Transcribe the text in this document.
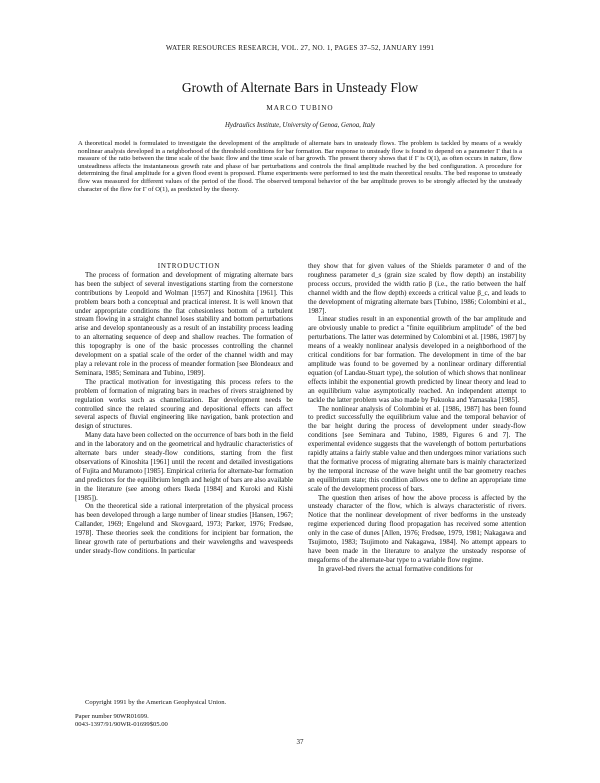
WATER RESOURCES RESEARCH, VOL. 27, NO. 1, PAGES 37–52, JANUARY 1991
Growth of Alternate Bars in Unsteady Flow
MARCO TUBINO
Hydraulics Institute, University of Genoa, Genoa, Italy

A theoretical model is formulated to investigate the development of the amplitude of alternate bars in unsteady flows. The problem is tackled by means of a weakly nonlinear analysis developed in a neighborhood of the threshold conditions for bar formation. Bar response to unsteady flow is found to depend on a parameter Γ that is a measure of the ratio between the time scale of the basic flow and the time scale of bar growth. The present theory shows that if Γ is O(1), as often occurs in nature, flow unsteadiness affects the instantaneous growth rate and phase of bar perturbations and controls the final amplitude reached by the bed configuration. A procedure for determining the final amplitude for a given flood event is proposed. Flume experiments were performed to test the main theoretical results. The bed response to unsteady flow was measured for different values of the period of the flood. The observed temporal behavior of the bar amplitude proves to be strongly affected by the unsteady character of the flow for Γ of O(1), as predicted by the theory.

INTRODUCTION

The process of formation and development of migrating alternate bars has been the subject of several investigations starting from the cornerstone contributions by Leopold and Wolman [1957] and Kinoshita [1961]. This problem bears both a conceptual and practical interest. It is well known that under appropriate conditions the flat cohesionless bottom of a turbulent stream flowing in a straight channel loses stability and bottom perturbations arise and develop spontaneously as a result of an instability process leading to an alternating sequence of deep and shallow reaches. The formation of this topography is one of the basic processes controlling the channel development on a spatial scale of the order of the channel width and may play a relevant role in the process of meander formation [see Blondeaux and Seminara, 1985; Seminara and Tubino, 1989].

The practical motivation for investigating this process refers to the problem of formation of migrating bars in reaches of rivers straightened by regulation works such as channelization. Bar development needs be controlled since the related scouring and depositional effects can affect several aspects of fluvial engineering like navigation, bank protection and design of structures.

Many data have been collected on the occurrence of bars both in the field and in the laboratory and on the geometrical and hydraulic characteristics of alternate bars under steady-flow conditions, starting from the first observations of Kinoshita [1961] until the recent and detailed investigations of Fujita and Muramoto [1985]. Empirical criteria for alternate-bar formation and predictors for the equilibrium length and height of bars are also available in the literature (see among others Ikeda [1984] and Kuroki and Kishi [1985]).

On the theoretical side a rational interpretation of the physical process has been developed through a large number of linear studies [Hansen, 1967; Callander, 1969; Engelund and Skovgaard, 1973; Parker, 1976; Fredsøe, 1978]. These theories seek the conditions for incipient bar formation, the linear growth rate of perturbations and their wavelengths and wavespeeds under steady-flow conditions. In particular

they show that for given values of the Shields parameter ϑ and of the roughness parameter d_s (grain size scaled by flow depth) an instability process occurs, provided the width ratio β (i.e., the ratio between the half channel width and the flow depth) exceeds a critical value β_c, and leads to the development of migrating alternate bars [Tubino, 1986; Colombini et al., 1987].

Linear studies result in an exponential growth of the bar amplitude and are obviously unable to predict a "finite equilibrium amplitude" of the bed perturbations. The latter was determined by Colombini et al. [1986, 1987] by means of a weakly nonlinear analysis developed in a neighborhood of the critical conditions for bar formation. The development in time of the bar amplitude was found to be governed by a nonlinear ordinary differential equation (of Landau-Stuart type), the solution of which shows that nonlinear effects inhibit the exponential growth predicted by linear theory and lead to an equilibrium value asymptotically reached. An independent attempt to tackle the latter problem was also made by Fukuoka and Yamasaka [1985].

The nonlinear analysis of Colombini et al. [1986, 1987] has been found to predict successfully the equilibrium value and the temporal behavior of the bar height during the process of development under steady-flow conditions [see Seminara and Tubino, 1989, Figures 6 and 7]. The experimental evidence suggests that the wavelength of bottom perturbations rapidly attains a fairly stable value and then undergoes minor variations such that the formative process of migrating alternate bars is mainly characterized by the temporal increase of the wave height until the bar geometry reaches an equilibrium state; this condition allows one to define an appropriate time scale of the development process of bars.

The question then arises of how the above process is affected by the unsteady character of the flow, which is always characteristic of rivers. Notice that the nonlinear development of river bedforms in the unsteady regime experienced during flood propagation has received some attention only in the case of dunes [Allen, 1976; Fredsøe, 1979, 1981; Nakagawa and Tsujimoto, 1983; Tsujimoto and Nakagawa, 1984]. No attempt appears to have been made in the literature to analyze the unsteady response of megaforms of the alternate-bar type to a variable flow regime.

In gravel-bed rivers the actual formative conditions for

Copyright 1991 by the American Geophysical Union.
Paper number 90WR01699.
0043-1397/91/90WR-01699$05.00
37
